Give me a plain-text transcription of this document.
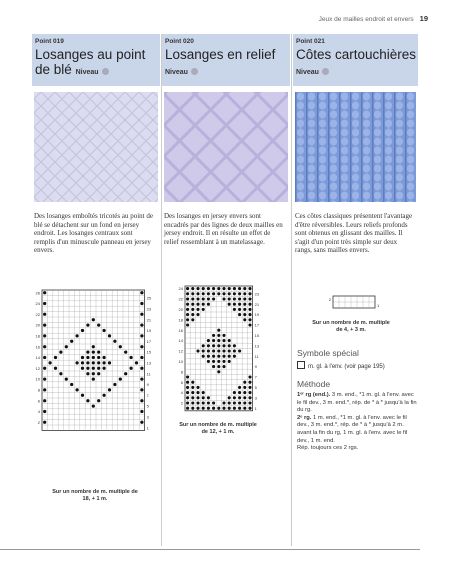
Jeux de mailles endroit et envers 19
Point 019
Losanges au point de blé Niveau
Des losanges emboîtés tricotés au point de blé se détachent sur un fond en jersey endroit. Les losanges centraux sont remplis d'un minuscule panneau en jersey envers.
Point 020
Losanges en relief
Niveau
Des losanges en jersey envers sont encadrés par des lignes de deux mailles en jersey endroit. Il en résulte un effet de relief ressemblant à un matelassage.
Point 021
Côtes cartouchières
Niveau
Ces côtes classiques présentent l'avantage d'être réversibles. Leurs reliefs profonds sont obtenus en glissant des mailles. Il s'agit d'un point très simple sur deux rangs, sans mailles envers.
26
25
24
23
22
21
20
19
18
17
16
15
14
13
12
11
10
9
8
7
6
5
4
3
2
1
Sur un nombre de m. multiple de 18, + 1 m.
24
23
22
21
20
19
18
17
16
15
14
13
12
11
10
9
8
7
6
5
4
3
2
1
Sur un nombre de m. multiple de 12, + 1 m.
2
1
Sur un nombre de m. multiple de 4, + 3 m.
Symbole spécial
m. gl. à l'env. (voir page 195)
Méthode
1ᵉʳ rg (end.). 3 m. end., *1 m. gl. à l'env. avec le fil dev., 3 m. end.*, rép. de * à * jusqu'à la fin du rg.
2ᵉ rg. 1 m. end., *1 m. gl. à l'env. avec le fil dev., 3 m. end.*, rép. de * à * jusqu'à 2 m. avant la fin du rg, 1 m. gl. à l'env. avec le fil dev., 1 m. end.
Rép. toujours ces 2 rgs.
